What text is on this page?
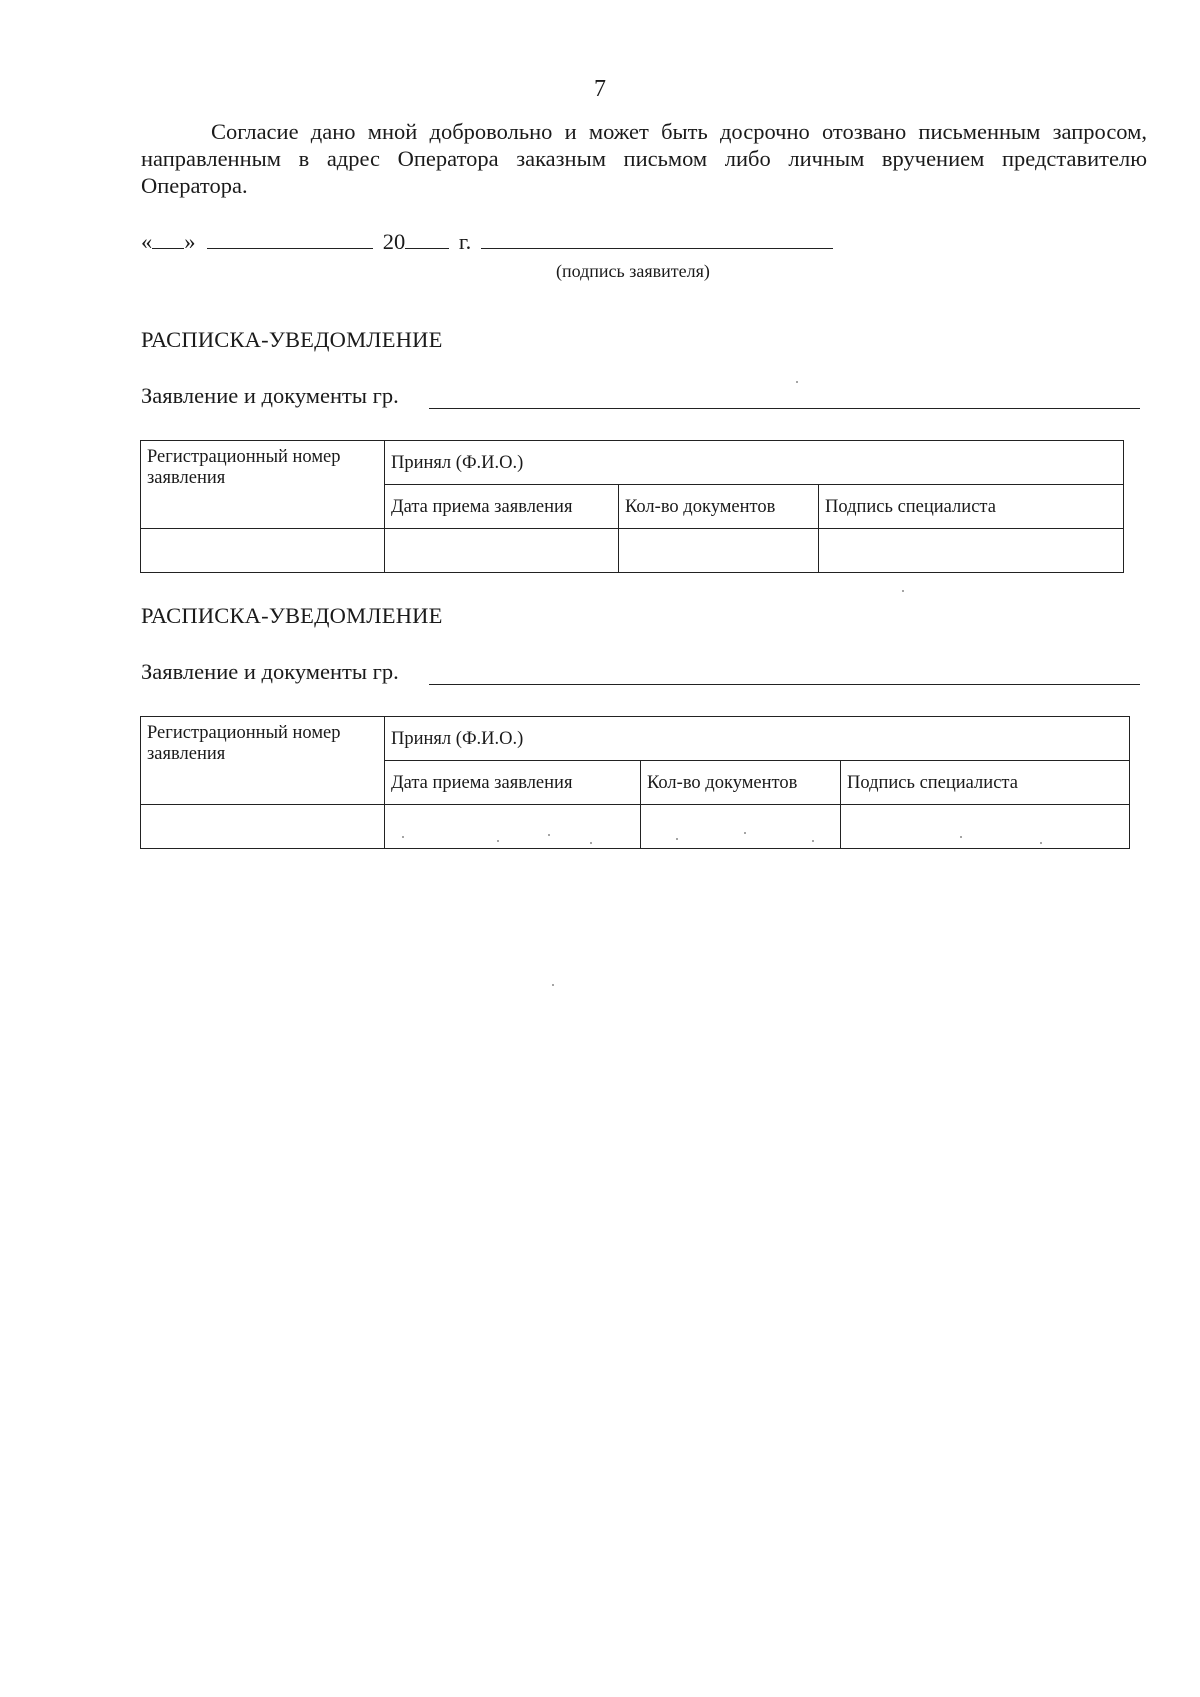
7
Согласие дано мной добровольно и может быть досрочно отозвано письменным запросом, направленным в адрес Оператора заказным письмом либо личным вручением представителю Оператора.
« »	20 г.
(подпись заявителя)
РАСПИСКА-УВЕДОМЛЕНИЕ
Заявление и документы гр.
Регистрационный номер заявления	Принял (Ф.И.О.)		
	Дата приема заявления	Кол-во документов	Подпись специалиста

РАСПИСКА-УВЕДОМЛЕНИЕ
Заявление и документы гр.
Регистрационный номер заявления	Принял (Ф.И.О.)		
	Дата приема заявления	Кол-во документов	Подпись специалиста
